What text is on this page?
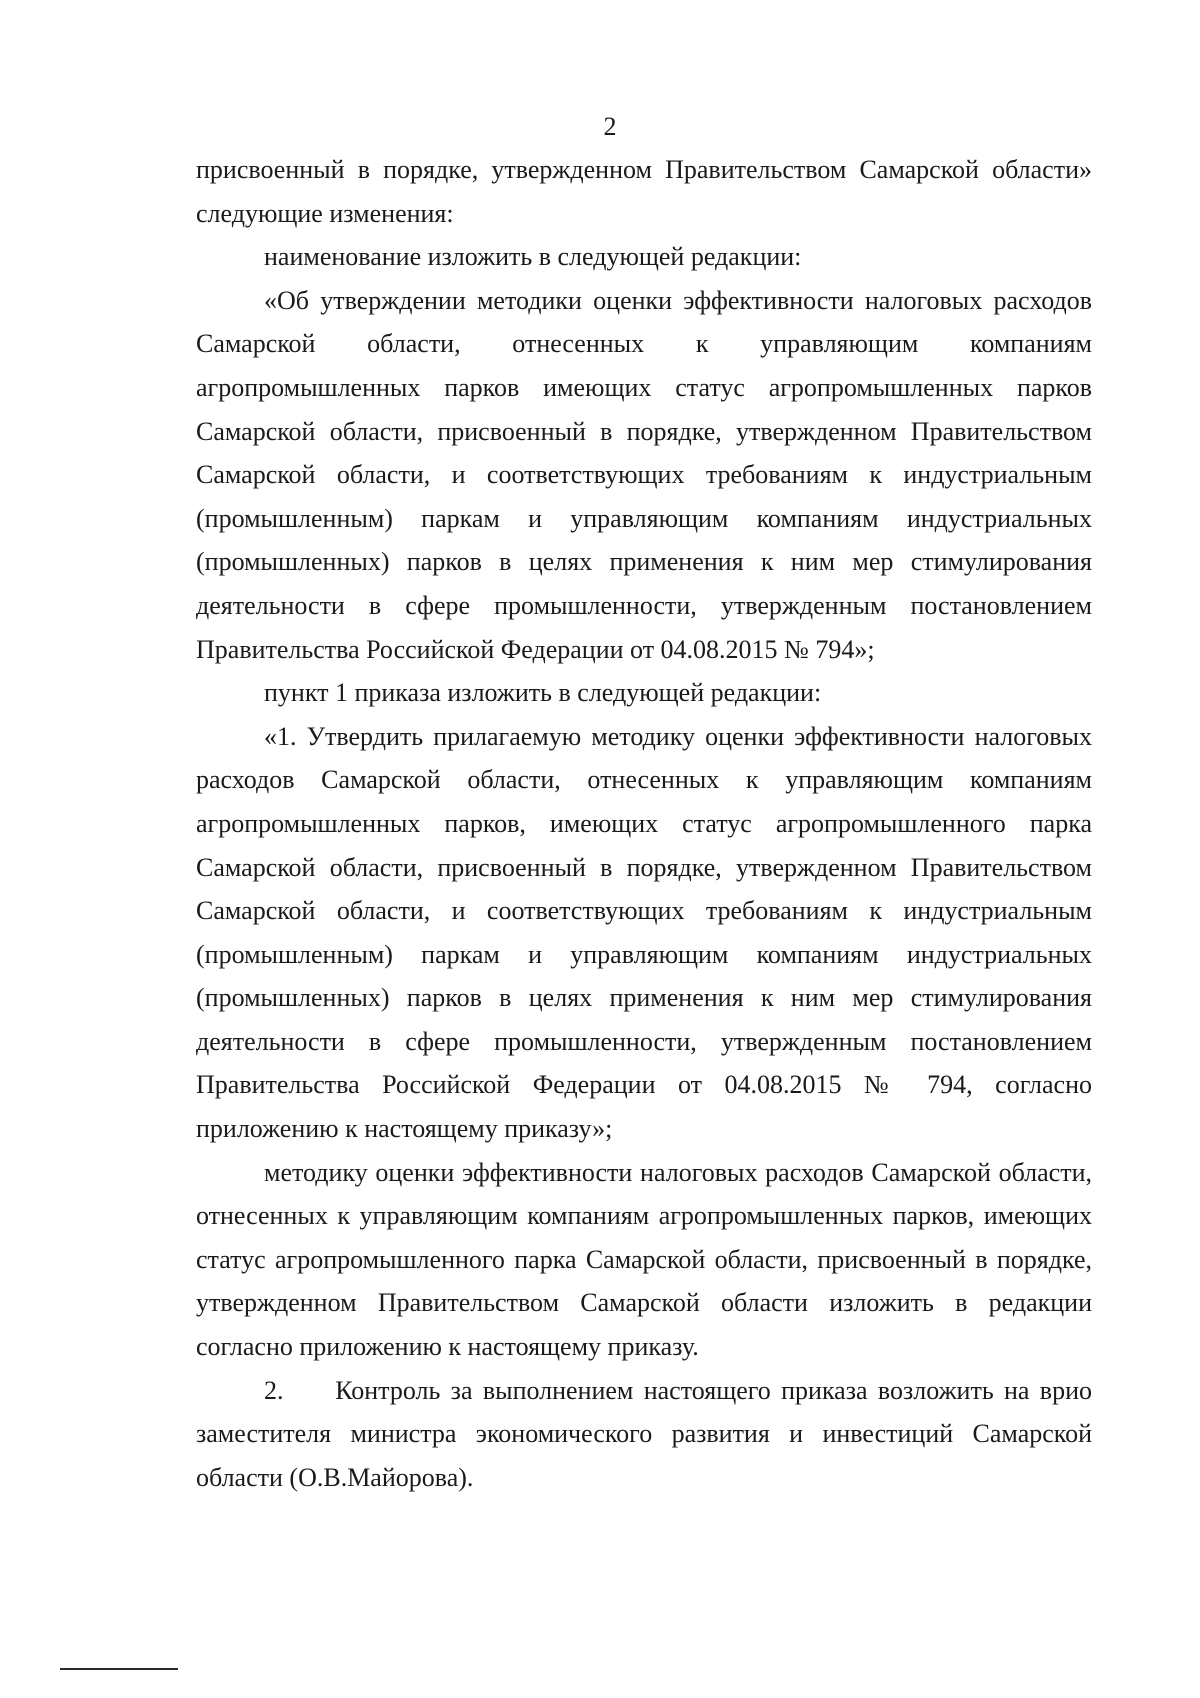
2

присвоенный в порядке, утвержденном Правительством Самарской области» следующие изменения:

наименование изложить в следующей редакции:

«Об утверждении методики оценки эффективности налоговых расходов Самарской области, отнесенных к управляющим компаниям агропромышленных парков имеющих статус агропромышленных парков Самарской области, присвоенный в порядке, утвержденном Правительством Самарской области, и соответствующих требованиям к индустриальным (промышленным) паркам и управляющим компаниям индустриальных (промышленных) парков в целях применения к ним мер стимулирования деятельности в сфере промышленности, утвержденным постановлением Правительства Российской Федерации от 04.08.2015 № 794»;

пункт 1 приказа изложить в следующей редакции:

«1. Утвердить прилагаемую методику оценки эффективности налоговых расходов Самарской области, отнесенных к управляющим компаниям агропромышленных парков, имеющих статус агропромышленного парка Самарской области, присвоенный в порядке, утвержденном Правительством Самарской области, и соответствующих требованиям к индустриальным (промышленным) паркам и управляющим компаниям индустриальных (промышленных) парков в целях применения к ним мер стимулирования деятельности в сфере промышленности, утвержденным постановлением Правительства Российской Федерации от 04.08.2015 № 794, согласно приложению к настоящему приказу»;

методику оценки эффективности налоговых расходов Самарской области, отнесенных к управляющим компаниям агропромышленных парков, имеющих статус агропромышленного парка Самарской области, присвоенный в порядке, утвержденном Правительством Самарской области изложить в редакции согласно приложению к настоящему приказу.

2.     Контроль за выполнением настоящего приказа возложить на врио заместителя министра экономического развития и инвестиций Самарской области (О.В.Майорова).
